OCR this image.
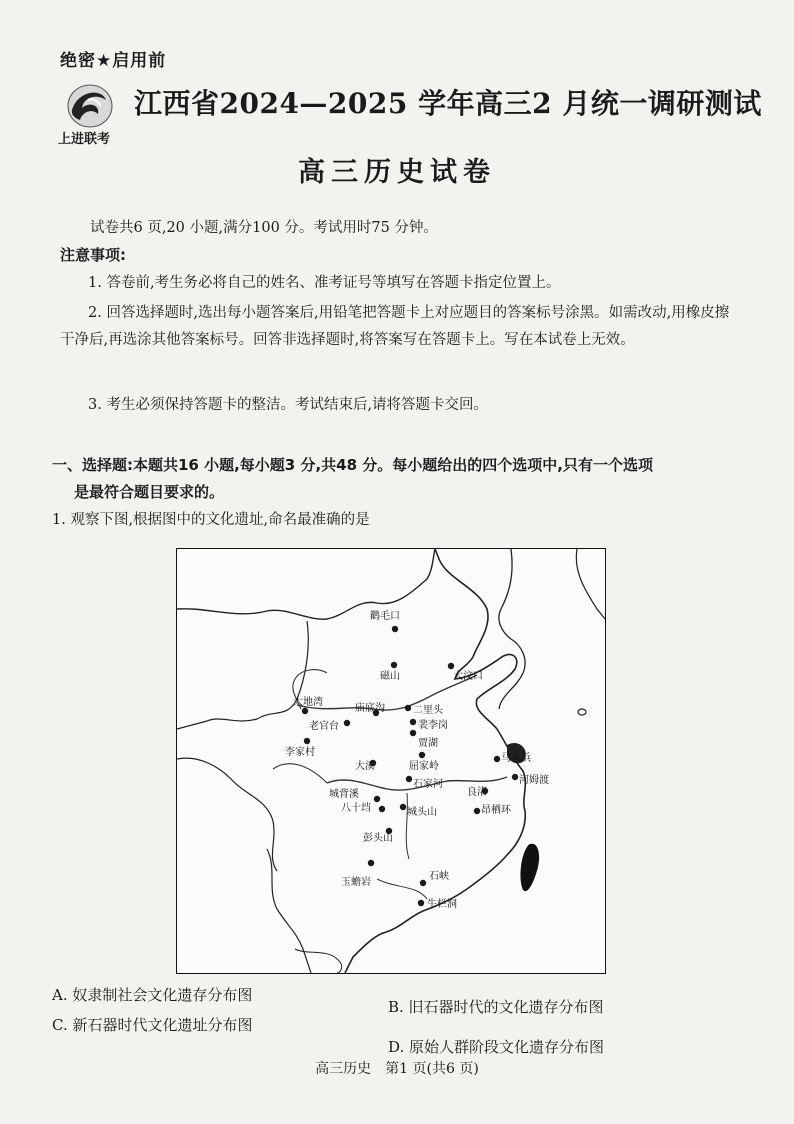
绝密★启用前
上进联考
江西省2024—2025 学年高三2 月统一调研测试
高三历史试卷
试卷共6 页,20 小题,满分100 分。考试用时75 分钟。
注意事项:
1. 答卷前,考生务必将自己的姓名、准考证号等填写在答题卡指定位置上。
2. 回答选择题时,选出每小题答案后,用铅笔把答题卡上对应题目的答案标号涂黑。如需改动,用橡皮擦干净后,再选涂其他答案标号。回答非选择题时,将答案写在答题卡上。写在本试卷上无效。
3. 考生必须保持答题卡的整洁。考试结束后,请将答题卡交回。
一、选择题:本题共16 小题,每小题3 分,共48 分。每小题给出的四个选项中,只有一个选项
是最符合题目要求的。
1. 观察下图,根据图中的文化遗址,命名最准确的是
鹳毛口
磁山	大汶口
大地湾
庙底沟	二里头
裴李岗
老官台
贾湖
李家村
屈家岭
大溪
石家河
马家浜
城背溪	良渚
河姆渡
八十垱	城头山	昂栖环
彭头山
玉蟾岩
石峡
牛栏洞
A. 奴隶制社会文化遗存分布图
B. 旧石器时代的文化遗存分布图
C. 新石器时代文化遗址分布图
D. 原始人群阶段文化遗存分布图
高三历史　第1 页(共6 页)
